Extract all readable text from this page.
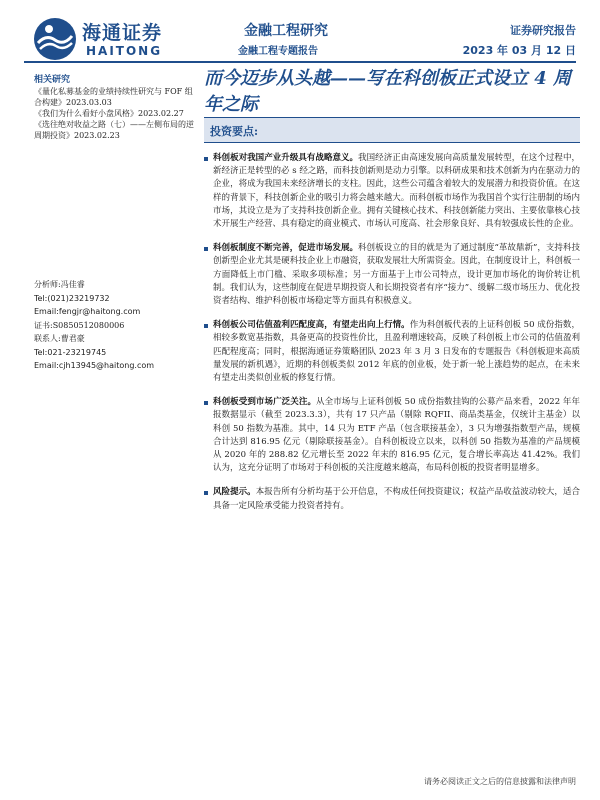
海通证券
HAITONG
金融工程研究
金融工程专题报告
证券研究报告
2023 年 03 月 12 日
而今迈步从头越——写在科创板正式设立 4 周年之际
相关研究
《量化私募基金的业绩持续性研究与 FOF 组合构建》2023.03.03
《我们为什么看好小盘风格》2023.02.27
《选往绝对收益之路（七）——左侧布局的逆周期投资》2023.02.23
分析师:冯佳睿
Tel:(021)23219732
Email:fengjr@haitong.com
证书:S0850512080006
联系人:曹君豪
Tel:021-23219745
Email:cjh13945@haitong.com
投资要点:
科创板对我国产业升级具有战略意义。我国经济正由高速发展向高质量发展转型，在这个过程中，新经济正是转型的必 s 经之路，而科技创新则是动力引擎。以科研成果和技术创新为内在驱动力的企业，将成为我国未来经济增长的支柱。因此，这些公司蕴含着较大的发展潜力和投资价值。在这样的背景下，科技创新企业的吸引力将会越来越大。而科创板市场作为我国首个实行注册制的场内市场，其设立是为了支持科技创新企业。拥有关键核心技术、科技创新能力突出、主要依靠核心技术开展生产经营、具有稳定的商业模式、市场认可度高、社会形象良好、具有较强成长性的企业。
科创板制度不断完善，促进市场发展。科创板设立的目的就是为了通过制度“革故鼎新”，支持科技创新型企业尤其是硬科技企业上市融资，获取发展壮大所需资金。因此，在制度设计上，科创板一方面降低上市门槛、采取多项标准；另一方面基于上市公司特点，设计更加市场化的询价转让机制。我们认为，这些制度在促进早期投资人和长期投资者有序“接力”、缓解二级市场压力、优化投资者结构、维护科创板市场稳定等方面具有积极意义。
科创板公司估值盈利匹配度高，有望走出向上行情。作为科创板代表的上证科创板 50 成份指数，相较多数宽基指数，具备更高的投资性价比，且盈利增速较高，反映了科创板上市公司的估值盈利匹配程度高；同时，根据海通证券策略团队 2023 年 3 月 3 日发布的专题报告《科创板迎来高质量发展的新机遇》，近期的科创板类似 2012 年底的创业板，处于新一轮上涨趋势的起点，在未来有望走出类似创业板的修复行情。
科创板受到市场广泛关注。从全市场与上证科创板 50 成份指数挂钩的公募产品来看，2022 年年报数据显示（截至 2023.3.3），共有 17 只产品（剔除 RQFII、商品类基金，仅统计主基金）以科创 50 指数为基准。其中，14 只为 ETF 产品（包含联接基金），3 只为增强指数型产品，规模合计达到 816.95 亿元（剔除联接基金）。自科创板设立以来，以科创 50 指数为基准的产品规模从 2020 年的 288.82 亿元增长至 2022 年末的 816.95 亿元，复合增长率高达 41.42%。我们认为，这充分证明了市场对于科创板的关注度越来越高，布局科创板的投资者明显增多。
风险提示。本报告所有分析均基于公开信息，不构成任何投资建议；权益产品收益波动较大，适合具备一定风险承受能力投资者持有。
请务必阅读正文之后的信息披露和法律声明
